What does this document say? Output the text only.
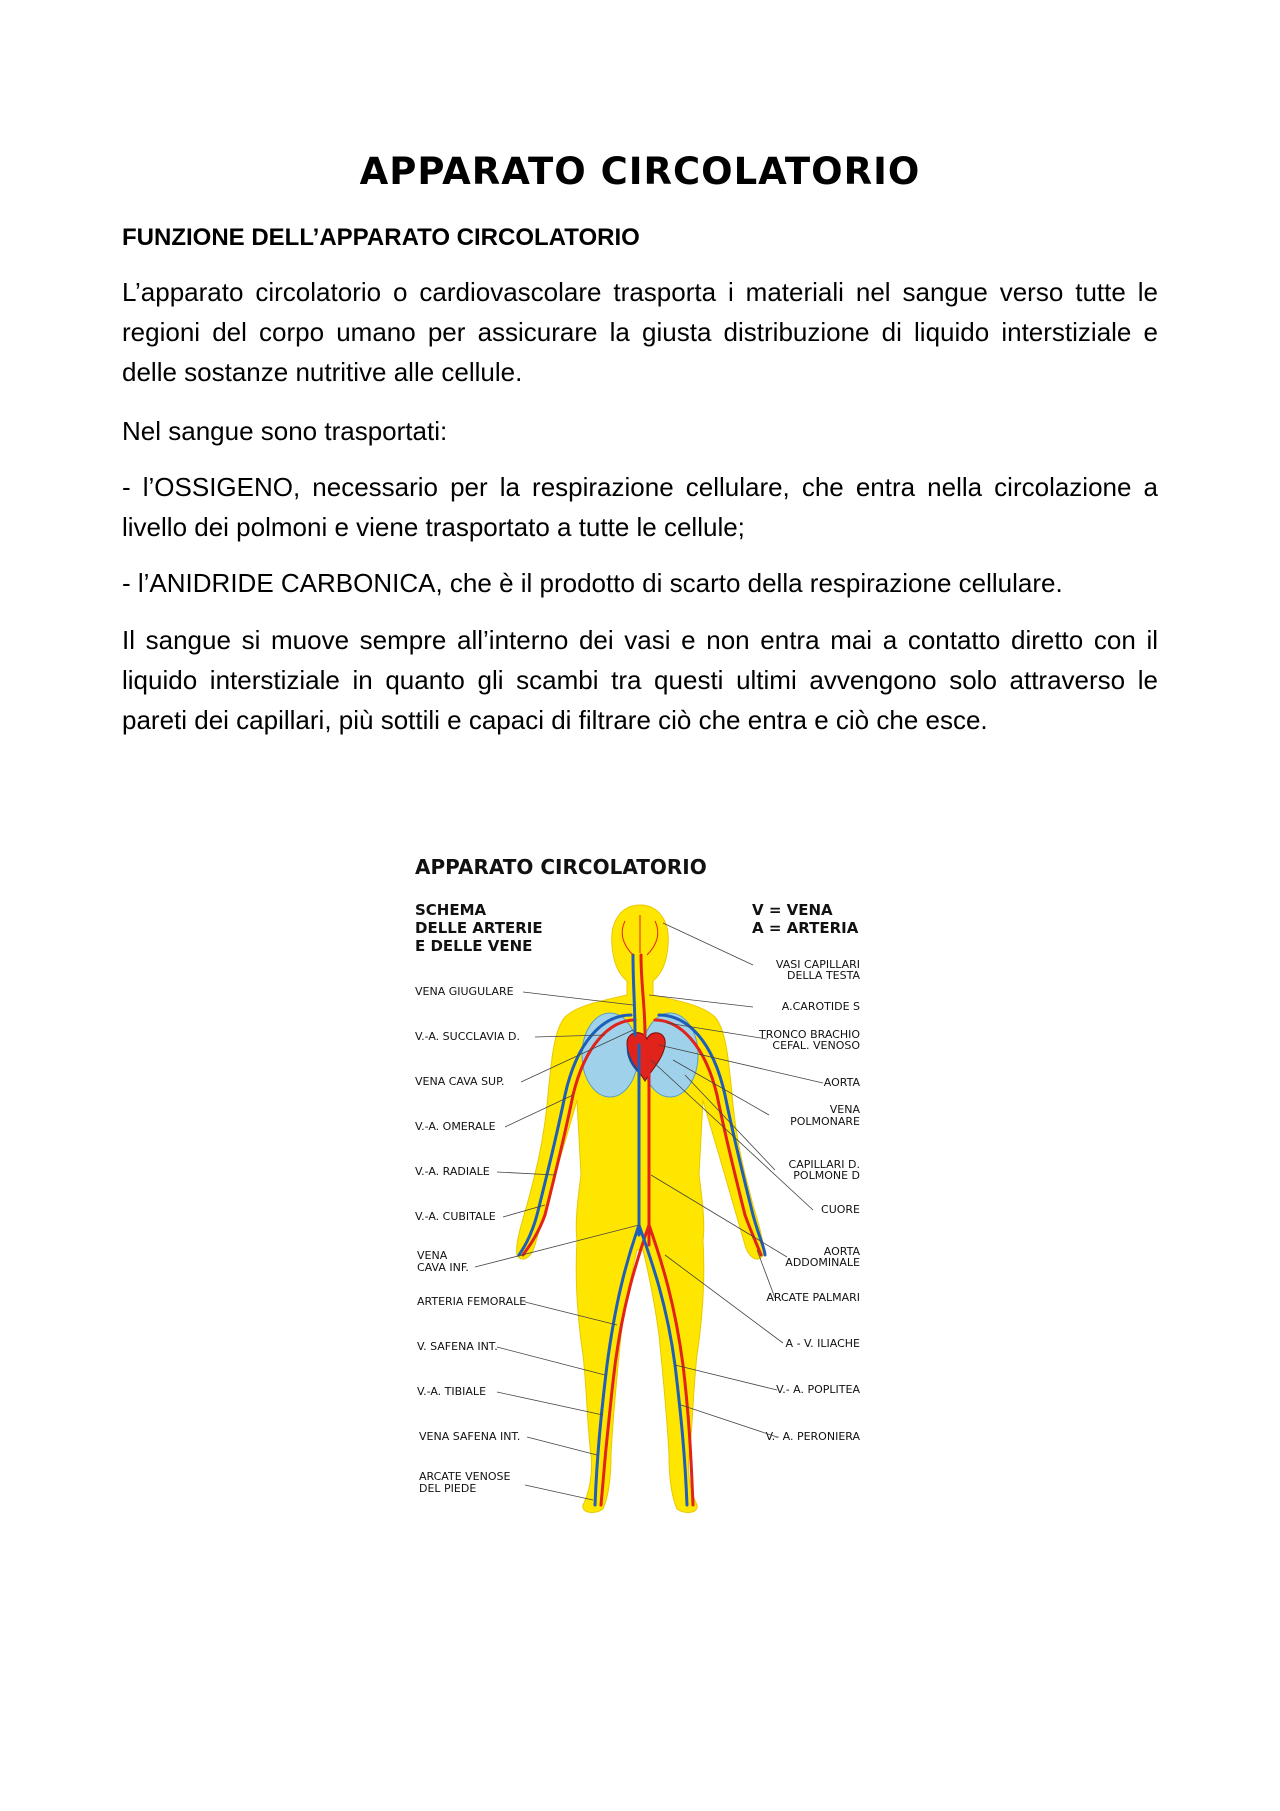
APPARATO CIRCOLATORIO
FUNZIONE DELL’APPARATO CIRCOLATORIO

L’apparato circolatorio o cardiovascolare trasporta i materiali nel sangue verso tutte le regioni del corpo umano per assicurare la giusta distribuzione di liquido interstiziale e delle sostanze nutritive alle cellule.

Nel sangue sono trasportati:

- l’OSSIGENO, necessario per la respirazione cellulare, che entra nella circolazione a livello dei polmoni e viene trasportato a tutte le cellule;

- l’ANIDRIDE CARBONICA, che è il prodotto di scarto della respirazione cellulare.

Il sangue si muove sempre all’interno dei vasi e non entra mai a contatto diretto con il liquido interstiziale in quanto gli scambi tra questi ultimi avvengono solo attraverso le pareti dei capillari, più sottili e capaci di filtrare ciò che entra e ciò che esce.

APPARATO CIRCOLATORIO
SCHEMA
DELLE ARTERIE
E DELLE VENE
V = VENA
A = ARTERIA
VENA GIUGULARE
V.-A. SUCCLAVIA D.
VENA CAVA SUP.
V.-A. OMERALE
V.-A. RADIALE
V.-A. CUBITALE
VENA
CAVA INF.
ARTERIA FEMORALE
V. SAFENA INT.
V.-A. TIBIALE
VENA SAFENA INT.
ARCATE VENOSE
DEL PIEDE
VASI CAPILLARI
DELLA TESTA
A.CAROTIDE S
TRONCO BRACHIO
CEFAL. VENOSO
AORTA
VENA
POLMONARE
CAPILLARI D.
POLMONE D
CUORE
AORTA
ADDOMINALE
ARCATE PALMARI
A - V. ILIACHE
V.- A. POPLITEA
V.- A. PERONIERA
